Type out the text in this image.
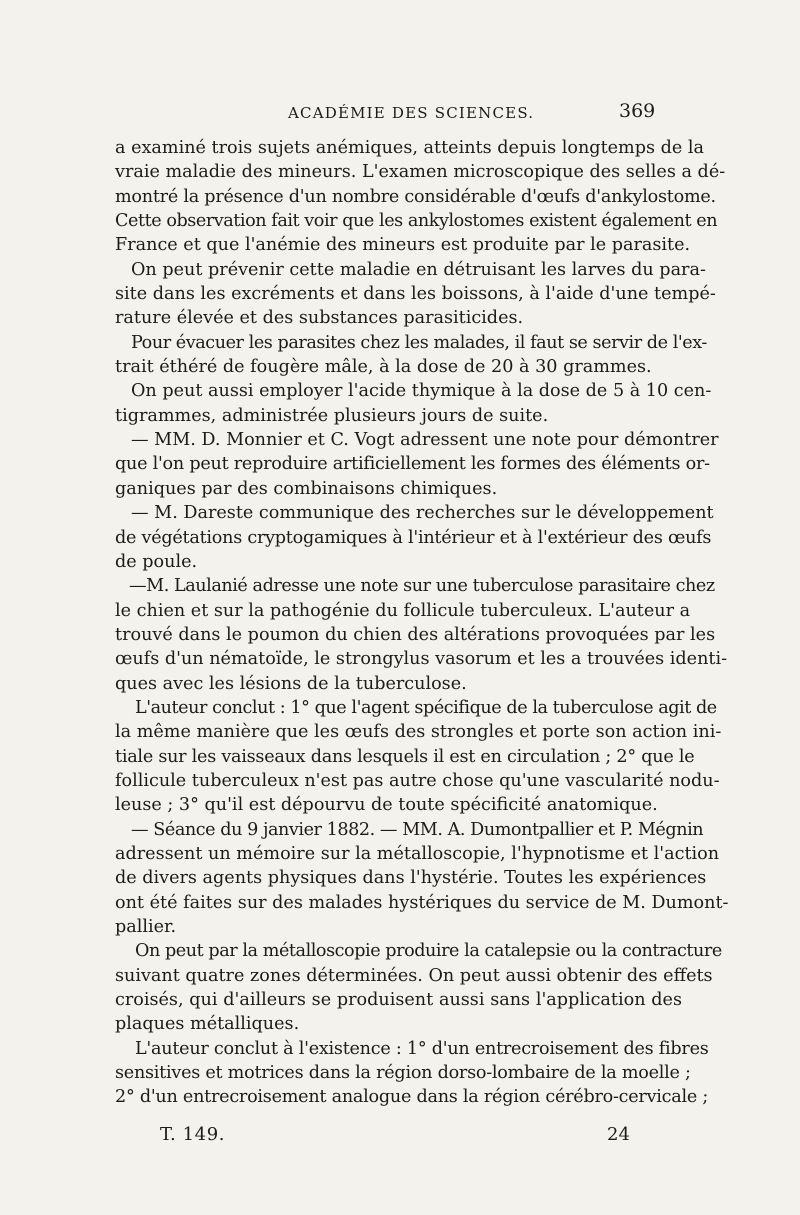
ACADÉMIE DES SCIENCES.	369
a examiné trois sujets anémiques, atteints depuis longtemps de la
vraie maladie des mineurs. L'examen microscopique des selles a dé-
montré la présence d'un nombre considérable d'œufs d'ankylostome.
Cette observation fait voir que les ankylostomes existent également en
France et que l'anémie des mineurs est produite par le parasite.
On peut prévenir cette maladie en détruisant les larves du para-
site dans les excréments et dans les boissons, à l'aide d'une tempé-
rature élevée et des substances parasiticides.
Pour évacuer les parasites chez les malades, il faut se servir de l'ex-
trait éthéré de fougère mâle, à la dose de 20 à 30 grammes.
On peut aussi employer l'acide thymique à la dose de 5 à 10 cen-
tigrammes, administrée plusieurs jours de suite.
— MM. D. Monnier et C. Vogt adressent une note pour démontrer
que l'on peut reproduire artificiellement les formes des éléments or-
ganiques par des combinaisons chimiques.
— M. Dareste communique des recherches sur le développement
de végétations cryptogamiques à l'intérieur et à l'extérieur des œufs
de poule.
—M. Laulanié adresse une note sur une tuberculose parasitaire chez
le chien et sur la pathogénie du follicule tuberculeux. L'auteur a
trouvé dans le poumon du chien des altérations provoquées par les
œufs d'un nématoïde, le strongylus vasorum et les a trouvées identi-
ques avec les lésions de la tuberculose.
L'auteur conclut : 1° que l'agent spécifique de la tuberculose agit de
la même manière que les œufs des strongles et porte son action ini-
tiale sur les vaisseaux dans lesquels il est en circulation ; 2° que le
follicule tuberculeux n'est pas autre chose qu'une vascularité nodu-
leuse ; 3° qu'il est dépourvu de toute spécificité anatomique.
— Séance du 9 janvier 1882. — MM. A. Dumontpallier et P. Mégnin
adressent un mémoire sur la métalloscopie, l'hypnotisme et l'action
de divers agents physiques dans l'hystérie. Toutes les expériences
ont été faites sur des malades hystériques du service de M. Dumont-
pallier.
On peut par la métalloscopie produire la catalepsie ou la contracture
suivant quatre zones déterminées. On peut aussi obtenir des effets
croisés, qui d'ailleurs se produisent aussi sans l'application des
plaques métalliques.
L'auteur conclut à l'existence : 1° d'un entrecroisement des fibres
sensitives et motrices dans la région dorso-lombaire de la moelle ;
2° d'un entrecroisement analogue dans la région cérébro-cervicale ;
T. 149.	24
